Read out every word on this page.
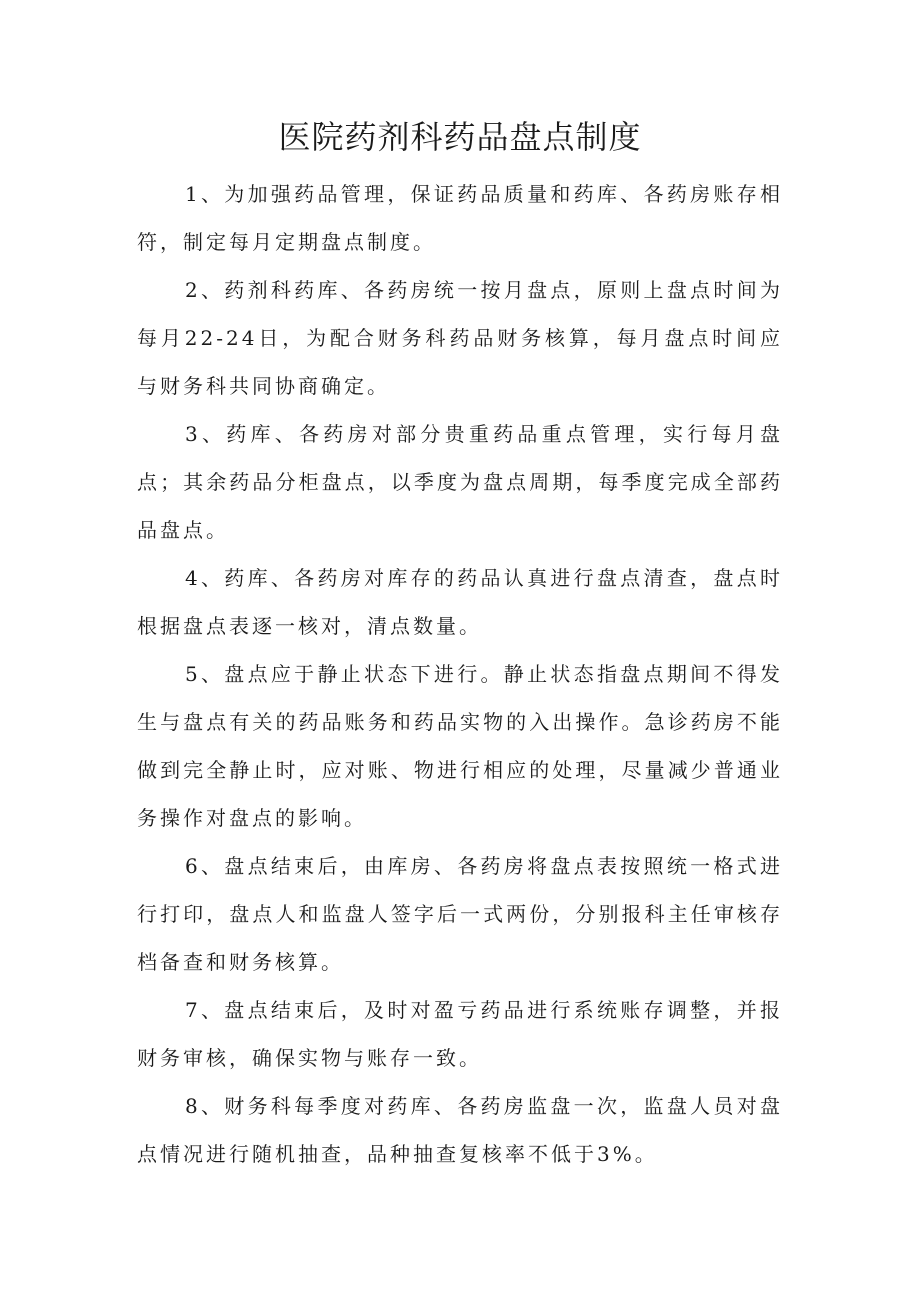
医院药剂科药品盘点制度

1、为加强药品管理，保证药品质量和药库、各药房账存相符，制定每月定期盘点制度。

2、药剂科药库、各药房统一按月盘点，原则上盘点时间为每月22-24日，为配合财务科药品财务核算，每月盘点时间应与财务科共同协商确定。

3、药库、各药房对部分贵重药品重点管理，实行每月盘点；其余药品分柜盘点，以季度为盘点周期，每季度完成全部药品盘点。

4、药库、各药房对库存的药品认真进行盘点清查，盘点时根据盘点表逐一核对，清点数量。

5、盘点应于静止状态下进行。静止状态指盘点期间不得发生与盘点有关的药品账务和药品实物的入出操作。急诊药房不能做到完全静止时，应对账、物进行相应的处理，尽量减少普通业务操作对盘点的影响。

6、盘点结束后，由库房、各药房将盘点表按照统一格式进行打印，盘点人和监盘人签字后一式两份，分别报科主任审核存档备查和财务核算。

7、盘点结束后，及时对盈亏药品进行系统账存调整，并报财务审核，确保实物与账存一致。

8、财务科每季度对药库、各药房监盘一次，监盘人员对盘点情况进行随机抽查，品种抽查复核率不低于3%。
